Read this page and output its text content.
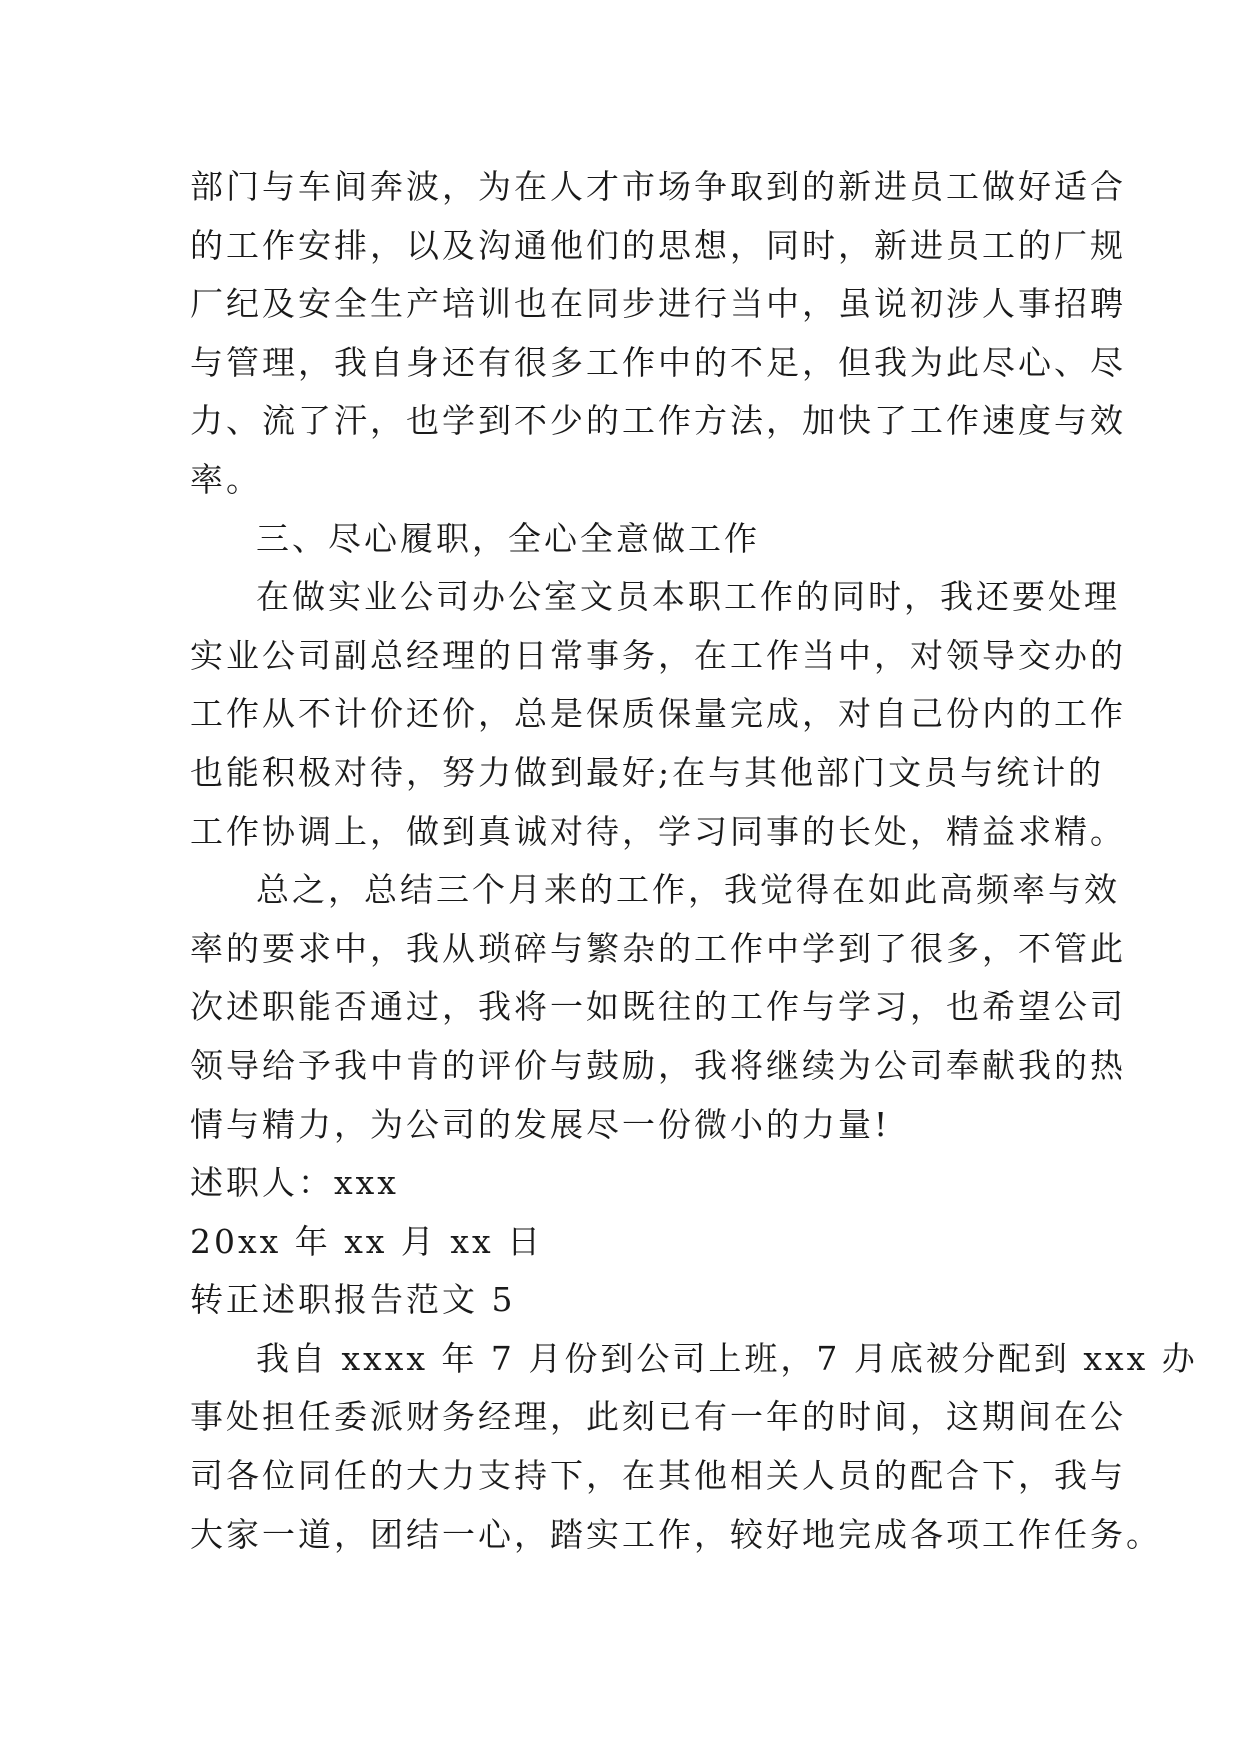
部门与车间奔波，为在人才市场争取到的新进员工做好适合

的工作安排，以及沟通他们的思想，同时，新进员工的厂规

厂纪及安全生产培训也在同步进行当中，虽说初涉人事招聘

与管理，我自身还有很多工作中的不足，但我为此尽心、尽

力、流了汗，也学到不少的工作方法，加快了工作速度与效

率。

三、尽心履职，全心全意做工作

在做实业公司办公室文员本职工作的同时，我还要处理

实业公司副总经理的日常事务，在工作当中，对领导交办的

工作从不计价还价，总是保质保量完成，对自己份内的工作

也能积极对待，努力做到最好;在与其他部门文员与统计的

工作协调上，做到真诚对待，学习同事的长处，精益求精。

总之，总结三个月来的工作，我觉得在如此高频率与效

率的要求中，我从琐碎与繁杂的工作中学到了很多，不管此

次述职能否通过，我将一如既往的工作与学习，也希望公司

领导给予我中肯的评价与鼓励，我将继续为公司奉献我的热

情与精力，为公司的发展尽一份微小的力量!

述职人：xxx

20xx 年 xx 月 xx 日

转正述职报告范文 5

我自 xxxx 年 7 月份到公司上班，7 月底被分配到 xxx 办

事处担任委派财务经理，此刻已有一年的时间，这期间在公

司各位同任的大力支持下，在其他相关人员的配合下，我与

大家一道，团结一心，踏实工作，较好地完成各项工作任务。
